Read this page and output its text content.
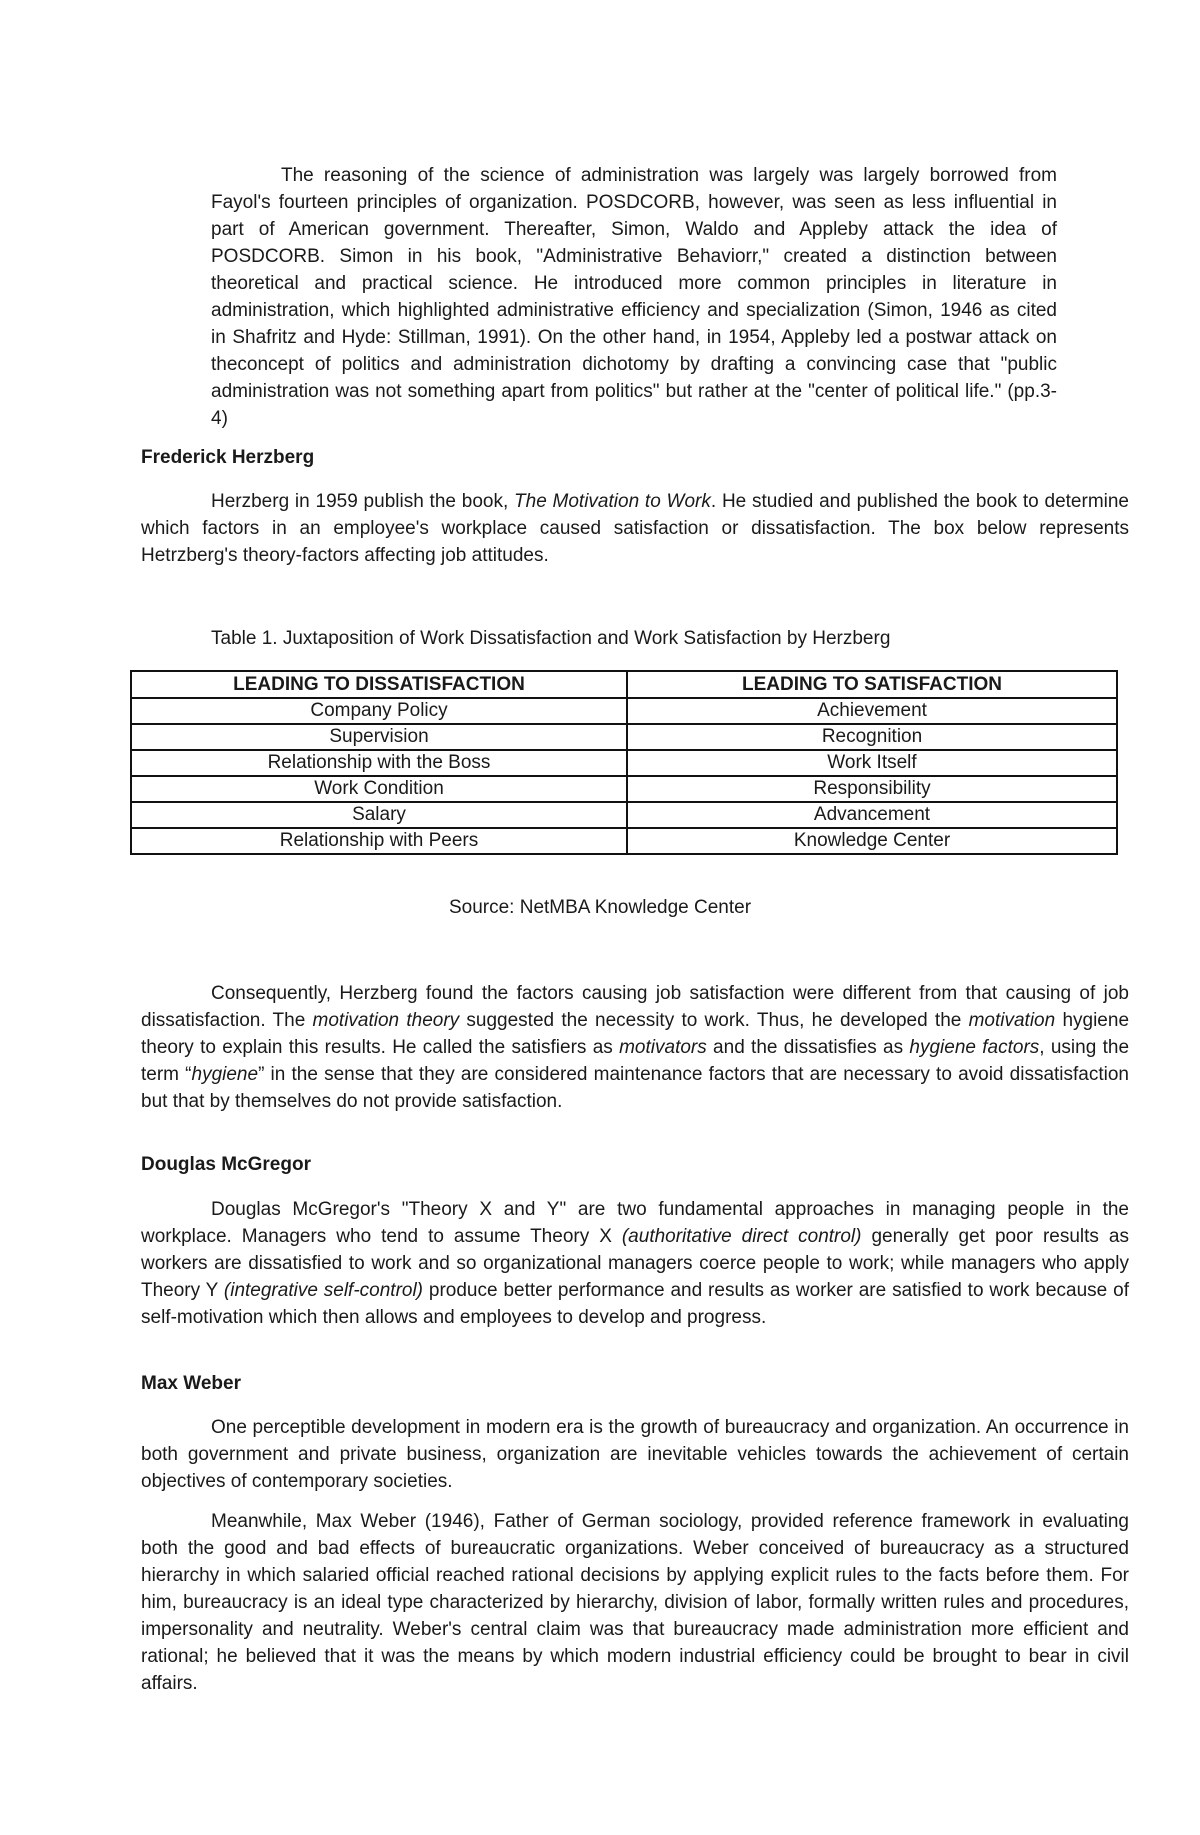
The reasoning of the science of administration was largely was largely borrowed from Fayol's fourteen principles of organization. POSDCORB, however, was seen as less influential in part of American government. Thereafter, Simon, Waldo and Appleby attack the idea of POSDCORB. Simon in his book, "Administrative Behaviorr," created a distinction between theoretical and practical science. He introduced more common principles in literature in administration, which highlighted administrative efficiency and specialization (Simon, 1946 as cited in Shafritz and Hyde: Stillman, 1991). On the other hand, in 1954, Appleby led a postwar attack on theconcept of politics and administration dichotomy by drafting a convincing case that "public administration was not something apart from politics" but rather at the "center of political life." (pp.3-4)

Frederick Herzberg

Herzberg in 1959 publish the book, The Motivation to Work. He studied and published the book to determine which factors in an employee's workplace caused satisfaction or dissatisfaction. The box below represents Hetrzberg's theory-factors affecting job attitudes.

Table 1. Juxtaposition of Work Dissatisfaction and Work Satisfaction by Herzberg
LEADING TO DISSATISFACTION	LEADING TO SATISFACTION
Company Policy	Achievement
Supervision	Recognition
Relationship with the Boss	Work Itself
Work Condition	Responsibility
Salary	Advancement
Relationship with Peers	Knowledge Center
Source: NetMBA Knowledge Center

Consequently, Herzberg found the factors causing job satisfaction were different from that causing of job dissatisfaction. The motivation theory suggested the necessity to work. Thus, he developed the motivation hygiene theory to explain this results. He called the satisfiers as motivators and the dissatisfies as hygiene factors, using the term “hygiene” in the sense that they are considered maintenance factors that are necessary to avoid dissatisfaction but that by themselves do not provide satisfaction.

Douglas McGregor

Douglas McGregor's "Theory X and Y" are two fundamental approaches in managing people in the workplace. Managers who tend to assume Theory X (authoritative direct control) generally get poor results as workers are dissatisfied to work and so organizational managers coerce people to work; while managers who apply Theory Y (integrative self-control) produce better performance and results as worker are satisfied to work because of self-motivation which then allows and employees to develop and progress.

Max Weber

One perceptible development in modern era is the growth of bureaucracy and organization. An occurrence in both government and private business, organization are inevitable vehicles towards the achievement of certain objectives of contemporary societies.

Meanwhile, Max Weber (1946), Father of German sociology, provided reference framework in evaluating both the good and bad effects of bureaucratic organizations. Weber conceived of bureaucracy as a structured hierarchy in which salaried official reached rational decisions by applying explicit rules to the facts before them. For him, bureaucracy is an ideal type characterized by hierarchy, division of labor, formally written rules and procedures, impersonality and neutrality. Weber's central claim was that bureaucracy made administration more efficient and rational; he believed that it was the means by which modern industrial efficiency could be brought to bear in civil affairs.
